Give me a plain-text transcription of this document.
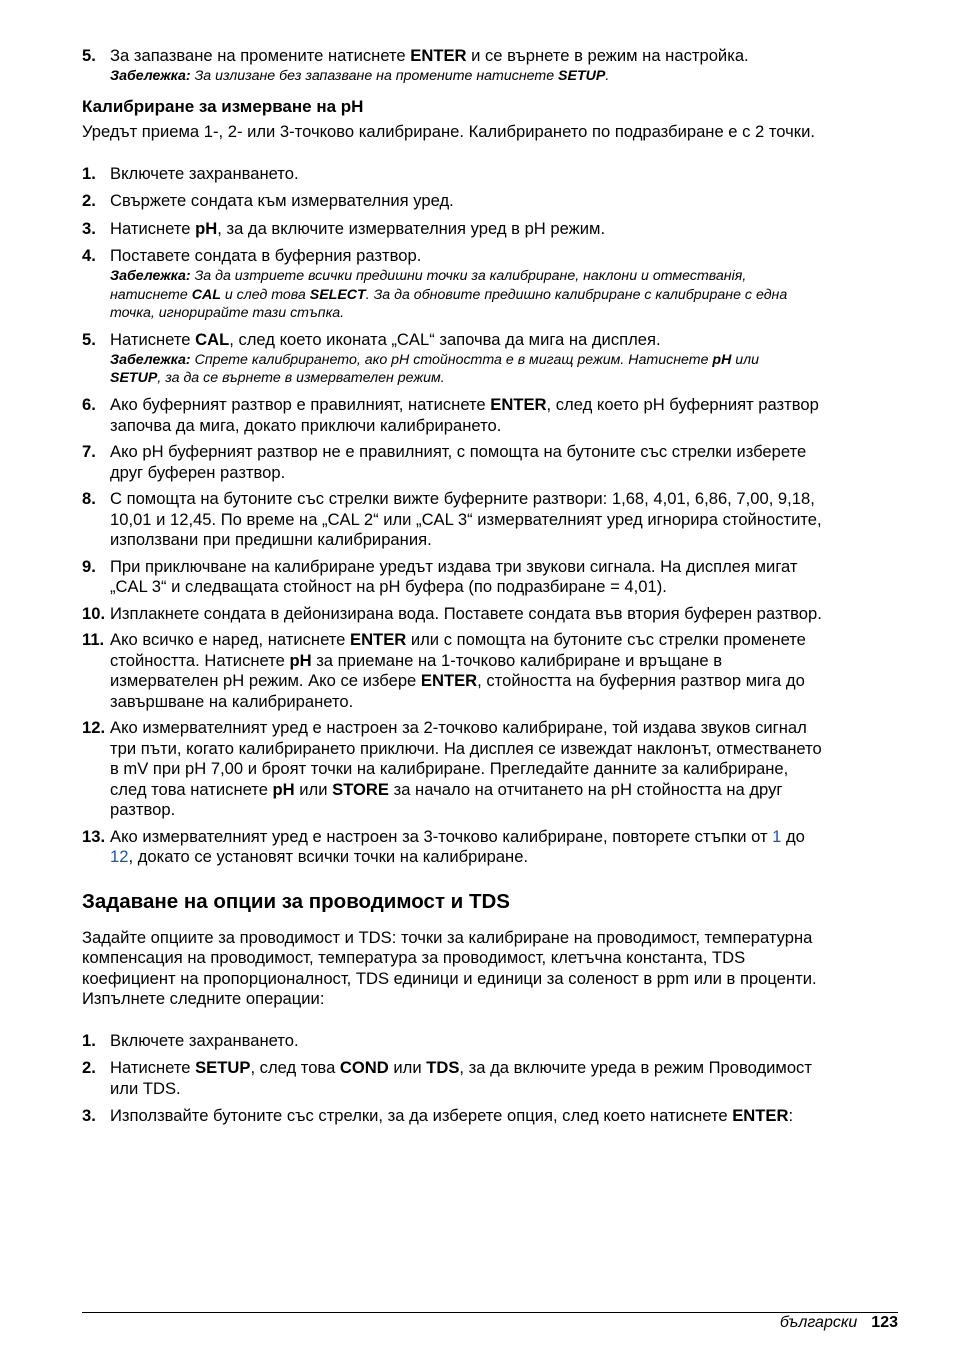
5. За запазване на промените натиснете ENTER и се върнете в режим на настройка.
Забележка: За излизане без запазване на промените натиснете SETUP.
Калибриране за измерване на pH
Уредът приема 1-, 2- или 3-точково калибриране. Калибрирането по подразбиране е с 2 точки.
1. Включете захранването.
2. Свържете сондата към измервателния уред.
3. Натиснете pH, за да включите измервателния уред в pH режим.
4. Поставете сондата в буферния разтвор.
Забележка: За да изтриете всички предишни точки за калибриране, наклони и отместванія,
натиснете CAL и след това SELECT. За да обновите предишно калибриране с калибриране с една
точка, игнорирайте тази стъпка.
5. Натиснете CAL, след което иконата „CAL“ започва да мига на дисплея.
Забележка: Спрете калибрирането, ако pH стойността е в мигащ режим. Натиснете pH или
SETUP, за да се върнете в измервателен режим.
6. Ако буферният разтвор е правилният, натиснете ENTER, след което pH буферният разтвор
започва да мига, докато приключи калибрирането.
7. Ако pH буферният разтвор не е правилният, с помощта на бутоните със стрелки изберете
друг буферен разтвор.
8. С помощта на бутоните със стрелки вижте буферните разтвори: 1,68, 4,01, 6,86, 7,00, 9,18,
10,01 и 12,45. По време на „CAL 2“ или „CAL 3“ измервателният уред игнорира стойностите,
използвани при предишни калибрирания.
9. При приключване на калибриране уредът издава три звукови сигнала. На дисплея мигат
„CAL 3“ и следващата стойност на pH буфера (по подразбиране = 4,01).
10. Изплакнете сондата в дейонизирана вода. Поставете сондата във втория буферен разтвор.
11. Ако всичко е наред, натиснете ENTER или с помощта на бутоните със стрелки променете
стойността. Натиснете pH за приемане на 1-точково калибриране и връщане в
измервателен pH режим. Ако се избере ENTER, стойността на буферния разтвор мига до
завършване на калибрирането.
12. Ако измервателният уред е настроен за 2-точково калибриране, той издава звуков сигнал
три пъти, когато калибрирането приключи. На дисплея се извеждат наклонът, отместването
в mV при pH 7,00 и броят точки на калибриране. Прегледайте данните за калибриране,
след това натиснете pH или STORE за начало на отчитането на pH стойността на друг
разтвор.
13. Ако измервателният уред е настроен за 3-точково калибриране, повторете стъпки от 1 до
12, докато се установят всички точки на калибриране.
Задаване на опции за проводимост и TDS
Задайте опциите за проводимост и TDS: точки за калибриране на проводимост, температурна
компенсация на проводимост, температура за проводимост, клетъчна константа, TDS
коефициент на пропорционалност, TDS единици и единици за соленост в ppm или в проценти.
Изпълнете следните операции:
1. Включете захранването.
2. Натиснете SETUP, след това COND или TDS, за да включите уреда в режим Проводимост
или TDS.
3. Използвайте бутоните със стрелки, за да изберете опция, след което натиснете ENTER:
български 123
